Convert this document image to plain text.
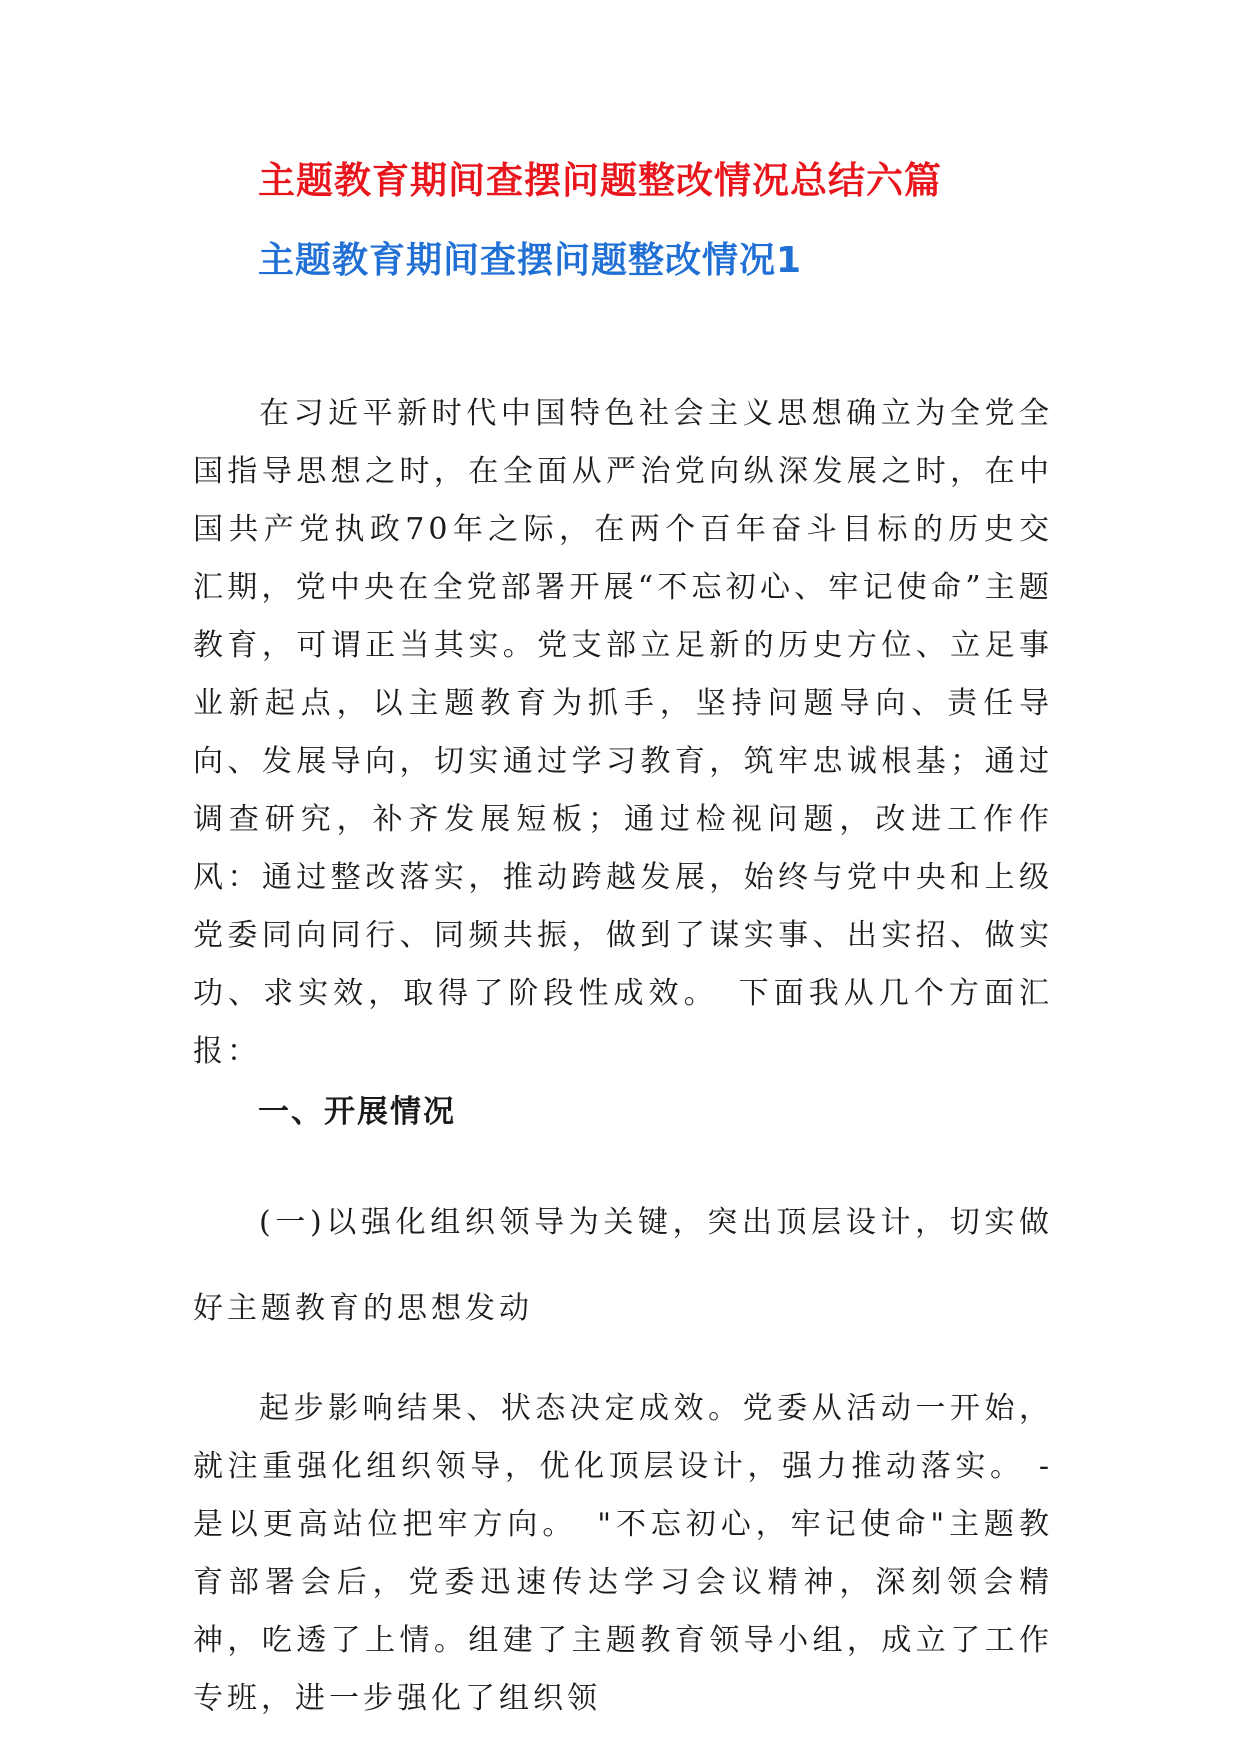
主题教育期间查摆问题整改情况总结六篇
主题教育期间查摆问题整改情况1
在习近平新时代中国特色社会主义思想确立为全党全国指导思想之时，在全面从严治党向纵深发展之时，在中国共产党执政70年之际，在两个百年奋斗目标的历史交汇期，党中央在全党部署开展“不忘初心、牢记使命”主题教育，可谓正当其实。党支部立足新的历史方位、立足事业新起点，以主题教育为抓手，坚持问题导向、责任导向、发展导向，切实通过学习教育，筑牢忠诚根基；通过调查研究，补齐发展短板；通过检视问题，改进工作作风：通过整改落实，推动跨越发展，始终与党中央和上级党委同向同行、同频共振，做到了谋实事、出实招、做实功、求实效，取得了阶段性成效。　下面我从几个方面汇报：
一、开展情况
(一)以强化组织领导为关键，突出顶层设计，切实做好主题教育的思想发动
起步影响结果、状态决定成效。党委从活动一开始，就注重强化组织领导，优化顶层设计，强力推动落实。 -是以更高站位把牢方向。　"不忘初心，牢记使命"主题教育部署会后，党委迅速传达学习会议精神，深刻领会精神，吃透了上情。组建了主题教育领导小组，成立了工作专班，进一步强化了组织领
